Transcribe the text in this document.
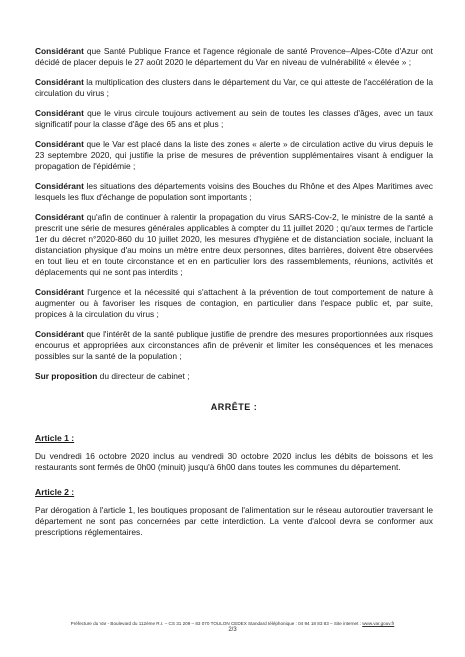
Considérant que Santé Publique France et l'agence régionale de santé Provence–Alpes-Côte d'Azur ont décidé de placer depuis le 27 août 2020 le département du Var en niveau de vulnérabilité « élevée » ;

Considérant la multiplication des clusters dans le département du Var, ce qui atteste de l'accélération de la circulation du virus ;

Considérant que le virus circule toujours activement au sein de toutes les classes d'âges, avec un taux significatif pour la classe d'âge des 65 ans et plus ;

Considérant que le Var est placé dans la liste des zones « alerte » de circulation active du virus depuis le 23 septembre 2020, qui justifie la prise de mesures de prévention supplémentaires visant à endiguer la propagation de l'épidémie ;

Considérant les situations des départements voisins des Bouches du Rhône et des Alpes Maritimes avec lesquels les flux d'échange de population sont importants ;

Considérant qu'afin de continuer à ralentir la propagation du virus SARS-Cov-2, le ministre de la santé a prescrit une série de mesures générales applicables à compter du 11 juillet 2020 ; qu'aux termes de l'article 1er du décret n°2020-860 du 10 juillet 2020, les mesures d'hygiène et de distanciation sociale, incluant la distanciation physique d'au moins un mètre entre deux personnes, dites barrières, doivent être observées en tout lieu et en toute circonstance et en en particulier lors des rassemblements, réunions, activités et déplacements qui ne sont pas interdits ;

Considérant l'urgence et la nécessité qui s'attachent à la prévention de tout comportement de nature à augmenter ou à favoriser les risques de contagion, en particulier dans l'espace public et, par suite, propices à la circulation du virus ;

Considérant que l'intérêt de la santé publique justifie de prendre des mesures proportionnées aux risques encourus et appropriées aux circonstances afin de prévenir et limiter les conséquences et les menaces possibles sur la santé de la population ;

Sur proposition du directeur de cabinet ;

ARRÊTE :
Article 1 :

Du vendredi 16 octobre 2020 inclus au vendredi 30 octobre 2020 inclus les débits de boissons et les restaurants sont fermés de 0h00 (minuit) jusqu'à 6h00 dans toutes les communes du département.

Article 2 :

Par dérogation à l'article 1, les boutiques proposant de l'alimentation sur le réseau autoroutier traversant le département ne sont pas concernées par cette interdiction. La vente d'alcool devra se conformer aux prescriptions réglementaires.

Préfecture du Var - Boulevard du 112ème R.I. – CS 31 209 – 83 070 TOULON CEDEX Standard téléphonique : 04 94 18 83 83 – Site internet : www.var.gouv.fr
2/3
